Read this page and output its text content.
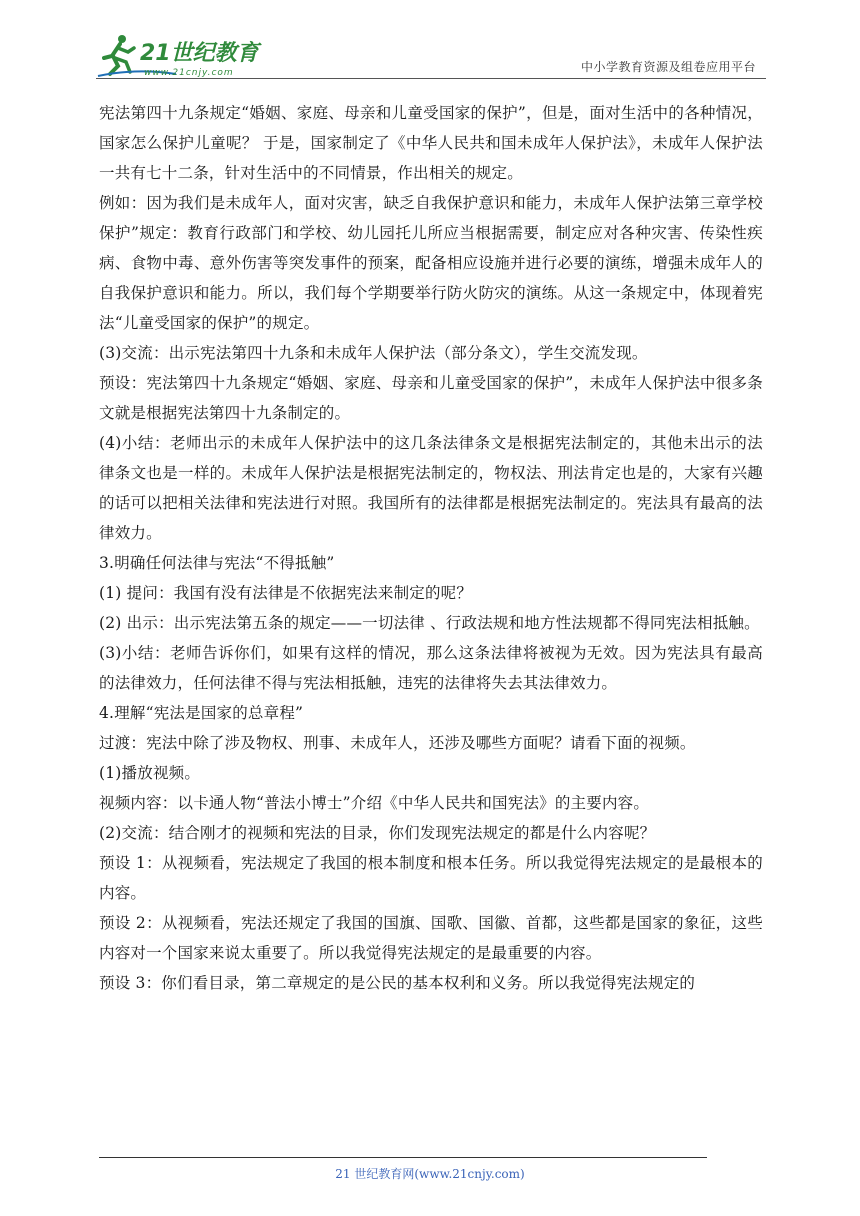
21世纪教育
www.21cnjy.com	中小学教育资源及组卷应用平台

宪法第四十九条规定“婚姻、家庭、母亲和儿童受国家的保护”，但是，面对生活中的各种情况，国家怎么保护儿童呢？ 于是，国家制定了《中华人民共和国未成年人保护法》，未成年人保护法一共有七十二条，针对生活中的不同情景，作出相关的规定。

例如：因为我们是未成年人，面对灾害，缺乏自我保护意识和能力，未成年人保护法第三章学校保护”规定：教育行政部门和学校、幼儿园托儿所应当根据需要，制定应对各种灾害、传染性疾病、食物中毒、意外伤害等突发事件的预案，配备相应设施并进行必要的演练，增强未成年人的自我保护意识和能力。所以，我们每个学期要举行防火防灾的演练。从这一条规定中，体现着宪法“儿童受国家的保护”的规定。

(3)交流：出示宪法第四十九条和未成年人保护法（部分条文），学生交流发现。

预设：宪法第四十九条规定“婚姻、家庭、母亲和儿童受国家的保护”，未成年人保护法中很多条文就是根据宪法第四十九条制定的。

(4)小结：老师出示的未成年人保护法中的这几条法律条文是根据宪法制定的，其他未出示的法律条文也是一样的。未成年人保护法是根据宪法制定的，物权法、刑法肯定也是的，大家有兴趣的话可以把相关法律和宪法进行对照。我国所有的法律都是根据宪法制定的。宪法具有最高的法律效力。

3.明确任何法律与宪法“不得抵触”

(1) 提问：我国有没有法律是不依据宪法来制定的呢？

(2) 出示：出示宪法第五条的规定——一切法律 、行政法规和地方性法规都不得同宪法相抵触。

(3)小结：老师告诉你们，如果有这样的情况，那么这条法律将被视为无效。因为宪法具有最高的法律效力，任何法律不得与宪法相抵触，违宪的法律将失去其法律效力。

4.理解“宪法是国家的总章程”

过渡：宪法中除了涉及物权、刑事、未成年人，还涉及哪些方面呢？请看下面的视频。

(1)播放视频。

视频内容：以卡通人物“普法小博士”介绍《中华人民共和国宪法》的主要内容。

(2)交流：结合刚才的视频和宪法的目录，你们发现宪法规定的都是什么内容呢？

预设 1：从视频看，宪法规定了我国的根本制度和根本任务。所以我觉得宪法规定的是最根本的内容。

预设 2：从视频看，宪法还规定了我国的国旗、国歌、国徽、首都，这些都是国家的象征，这些内容对一个国家来说太重要了。所以我觉得宪法规定的是最重要的内容。

预设 3：你们看目录，第二章规定的是公民的基本权利和义务。所以我觉得宪法规定的

21 世纪教育网(www.21cnjy.com)
